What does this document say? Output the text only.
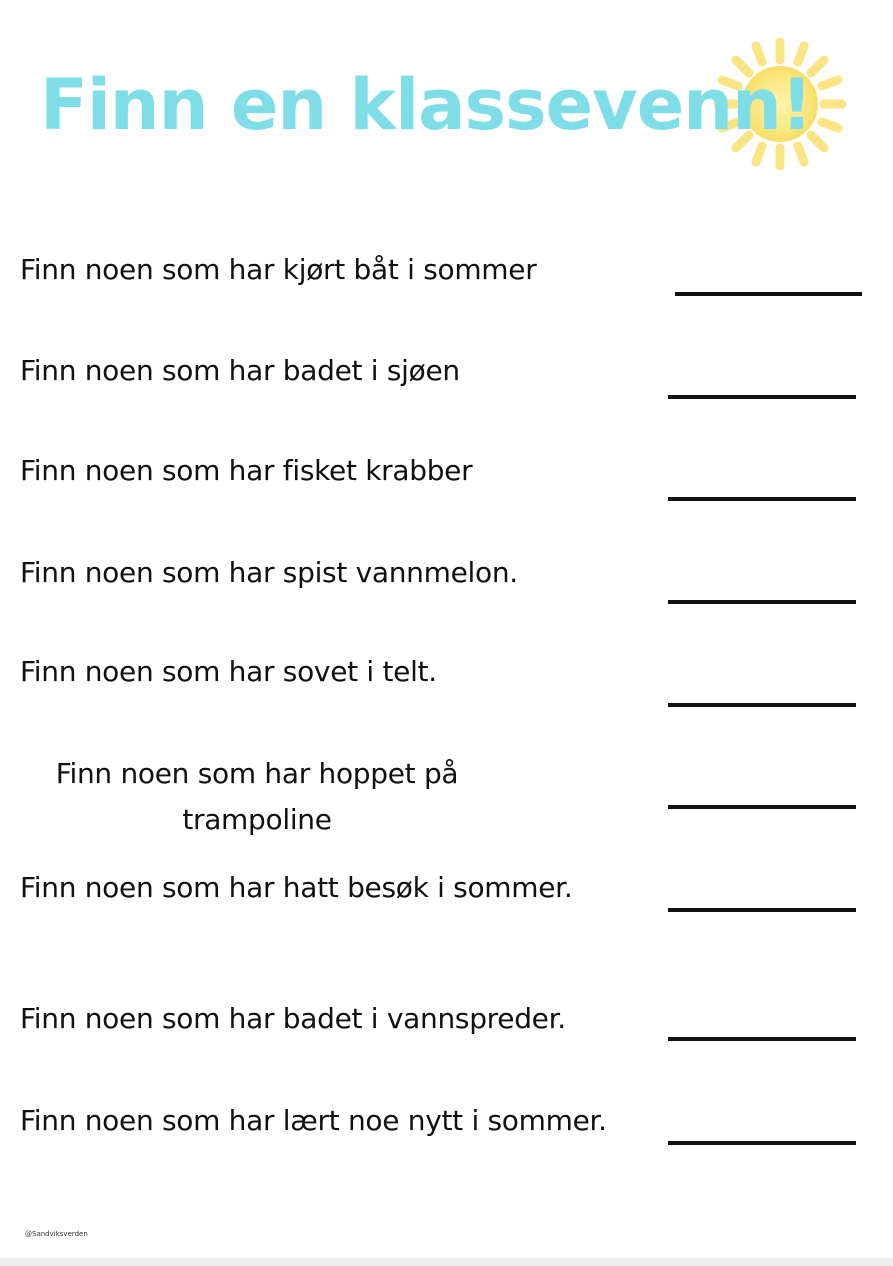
Finn en klassevenn!

Finn noen som har kjørt båt i sommer

Finn noen som har badet i sjøen

Finn noen som har fisket krabber

Finn noen som har spist vannmelon.

Finn noen som har sovet i telt.

Finn noen som har hoppet på trampoline

Finn noen som har hatt besøk i sommer.

Finn noen som har badet i vannspreder.

Finn noen som har lært noe nytt i sommer.

@Sandviksverden
